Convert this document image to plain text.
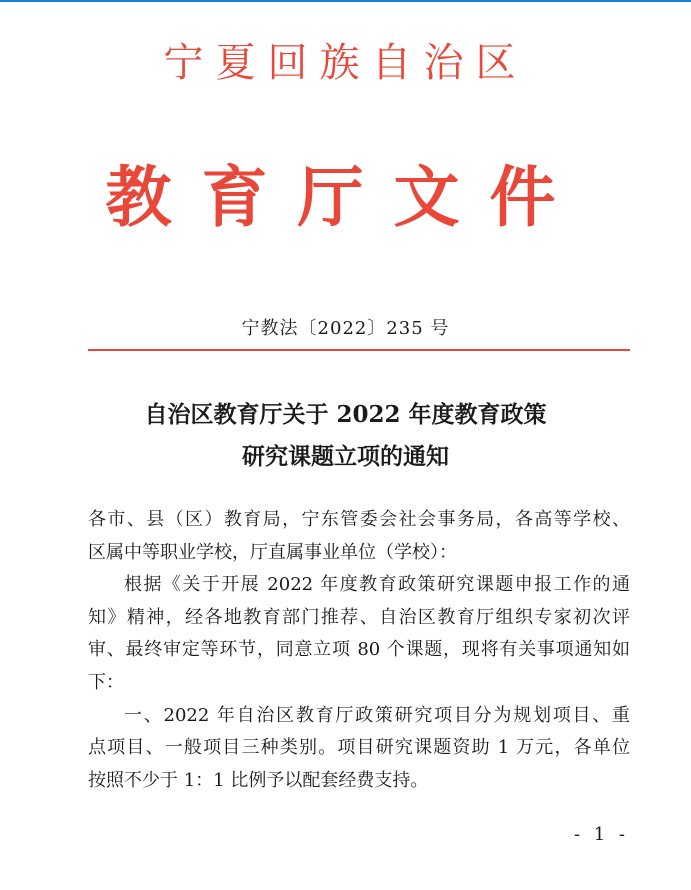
宁夏回族自治区
教育厅文件
宁教法〔2022〕235 号
自治区教育厅关于 2022 年度教育政策
研究课题立项的通知
各市、县（区）教育局，宁东管委会社会事务局，各高等学校、
区属中等职业学校，厅直属事业单位（学校）：
根据《关于开展 2022 年度教育政策研究课题申报工作的通
知》精神，经各地教育部门推荐、自治区教育厅组织专家初次评
审、最终审定等环节，同意立项 80 个课题，现将有关事项通知如
下：
一、2022 年自治区教育厅政策研究项目分为规划项目、重
点项目、一般项目三种类别。项目研究课题资助 1 万元，各单位
按照不少于 1：1 比例予以配套经费支持。
- 1 -
